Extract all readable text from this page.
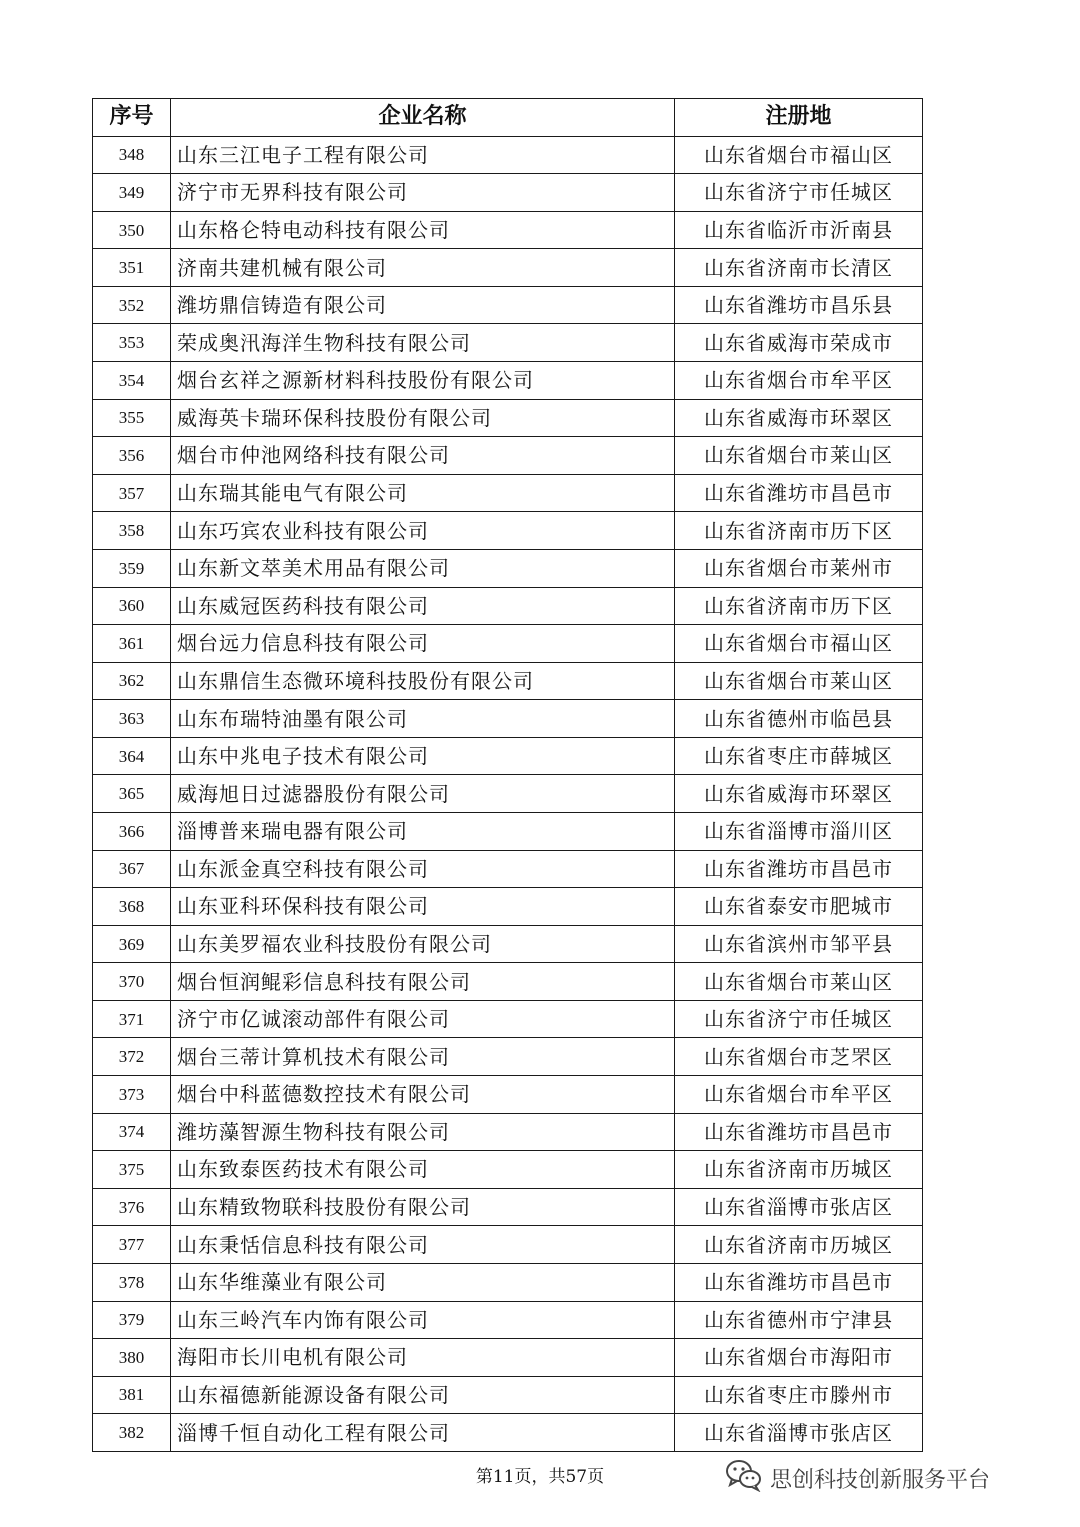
序号	企业名称	注册地
348	山东三江电子工程有限公司	山东省烟台市福山区
349	济宁市无界科技有限公司	山东省济宁市任城区
350	山东格仑特电动科技有限公司	山东省临沂市沂南县
351	济南共建机械有限公司	山东省济南市长清区
352	潍坊鼎信铸造有限公司	山东省潍坊市昌乐县
353	荣成奥汛海洋生物科技有限公司	山东省威海市荣成市
354	烟台玄祥之源新材料科技股份有限公司	山东省烟台市牟平区
355	威海英卡瑞环保科技股份有限公司	山东省威海市环翠区
356	烟台市仲池网络科技有限公司	山东省烟台市莱山区
357	山东瑞其能电气有限公司	山东省潍坊市昌邑市
358	山东巧宾农业科技有限公司	山东省济南市历下区
359	山东新文萃美术用品有限公司	山东省烟台市莱州市
360	山东威冠医药科技有限公司	山东省济南市历下区
361	烟台远力信息科技有限公司	山东省烟台市福山区
362	山东鼎信生态微环境科技股份有限公司	山东省烟台市莱山区
363	山东布瑞特油墨有限公司	山东省德州市临邑县
364	山东中兆电子技术有限公司	山东省枣庄市薛城区
365	威海旭日过滤器股份有限公司	山东省威海市环翠区
366	淄博普来瑞电器有限公司	山东省淄博市淄川区
367	山东派金真空科技有限公司	山东省潍坊市昌邑市
368	山东亚科环保科技有限公司	山东省泰安市肥城市
369	山东美罗福农业科技股份有限公司	山东省滨州市邹平县
370	烟台恒润鲲彩信息科技有限公司	山东省烟台市莱山区
371	济宁市亿诚滚动部件有限公司	山东省济宁市任城区
372	烟台三蒂计算机技术有限公司	山东省烟台市芝罘区
373	烟台中科蓝德数控技术有限公司	山东省烟台市牟平区
374	潍坊藻智源生物科技有限公司	山东省潍坊市昌邑市
375	山东致泰医药技术有限公司	山东省济南市历城区
376	山东精致物联科技股份有限公司	山东省淄博市张店区
377	山东秉恬信息科技有限公司	山东省济南市历城区
378	山东华维藻业有限公司	山东省潍坊市昌邑市
379	山东三岭汽车内饰有限公司	山东省德州市宁津县
380	海阳市长川电机有限公司	山东省烟台市海阳市
381	山东福德新能源设备有限公司	山东省枣庄市滕州市
382	淄博千恒自动化工程有限公司	山东省淄博市张店区
第11页，共57页	思创科技创新服务平台
